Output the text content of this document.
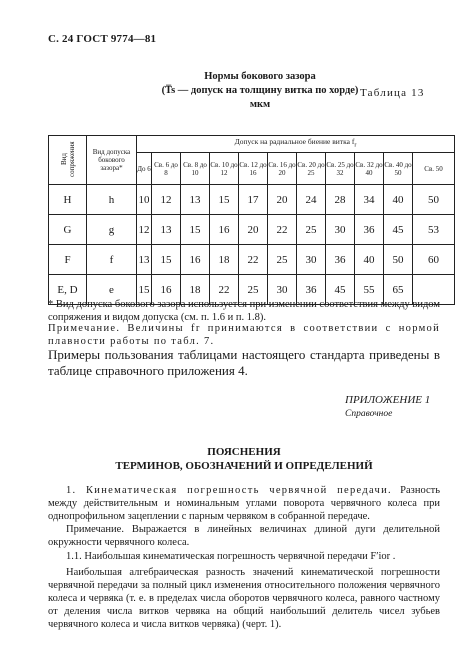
С. 24 ГОСТ 9774—81
Таблица 13
Нормы бокового зазора
(T̅s — допуск на толщину витка по хорде)
мкм
Вид сопряжения	Вид допуска бокового зазора*	Допуск на радиальное биение витка $f_r$
		До 6	Св. 6 до 8	Св. 8 до 10	Св. 10 до 12	Св. 12 до 16	Св. 16 до 20	Св. 20 до 25	Св. 25 до 32	Св. 32 до 40	Св. 40 до 50	Св. 50
H	h	10	12	13	15	17	20	24	28	34	40	50
G	g	12	13	15	16	20	22	25	30	36	45	53
F	f	13	15	16	18	22	25	30	36	40	50	60
E, D	e	15	16	18	22	25	30	36	45	55	65	
* Вид допуска бокового зазора используется при изменении соответствия между видом сопряжения и видом допуска (см. п. 1.6 и п. 1.8).
Примечание. Величины fr принимаются в соответствии с нормой плавности работы по табл. 7.
Примеры пользования таблицами настоящего стандарта приведены в таблице справочного приложения 4.
ПРИЛОЖЕНИЕ 1
Справочное
ПОЯСНЕНИЯ
ТЕРМИНОВ, ОБОЗНАЧЕНИЙ И ОПРЕДЕЛЕНИЙ
1. Кинематическая погрешность червячной передачи. Разность между действительным и номинальным углами поворота червячного колеса при однопрофильном зацеплении с парным червяком в собранной передаче.
Примечание. Выражается в линейных величинах длиной дуги делительной окружности червячного колеса.
1.1. Наибольшая кинематическая погрешность червячной передачи F′ior .
Наибольшая алгебраическая разность значений кинематической погрешности червячной передачи за полный цикл изменения относительного положения червячного колеса и червяка (т. е. в пределах числа оборотов червячного колеса, равного частному от деления числа витков червяка на общий наибольший делитель чисел зубьев червячного колеса и числа витков червяка) (черт. 1).
